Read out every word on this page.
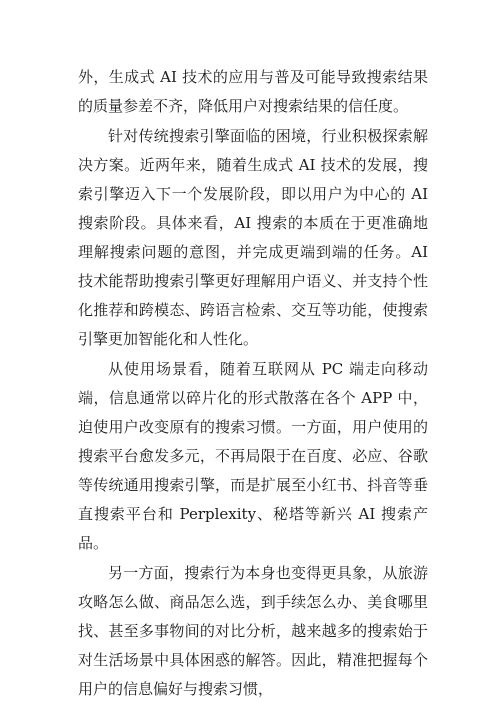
外，生成式 AI 技术的应用与普及可能导致搜索结果的质量参差不齐，降低用户对搜索结果的信任度。

针对传统搜索引擎面临的困境，行业积极探索解决方案。近两年来，随着生成式 AI 技术的发展，搜索引擎迈入下一个发展阶段，即以用户为中心的 AI 搜索阶段。具体来看，AI 搜索的本质在于更准确地理解搜索问题的意图，并完成更端到端的任务。AI 技术能帮助搜索引擎更好理解用户语义、并支持个性化推荐和跨模态、跨语言检索、交互等功能，使搜索引擎更加智能化和人性化。

从使用场景看，随着互联网从 PC 端走向移动端，信息通常以碎片化的形式散落在各个 APP 中，迫使用户改变原有的搜索习惯。一方面，用户使用的搜索平台愈发多元，不再局限于在百度、必应、谷歌等传统通用搜索引擎，而是扩展至小红书、抖音等垂直搜索平台和 Perplexity、秘塔等新兴 AI 搜索产品。

另一方面，搜索行为本身也变得更具象，从旅游攻略怎么做、商品怎么选，到手续怎么办、美食哪里找、甚至多事物间的对比分析，越来越多的搜索始于对生活场景中具体困惑的解答。因此，精准把握每个用户的信息偏好与搜索习惯，
